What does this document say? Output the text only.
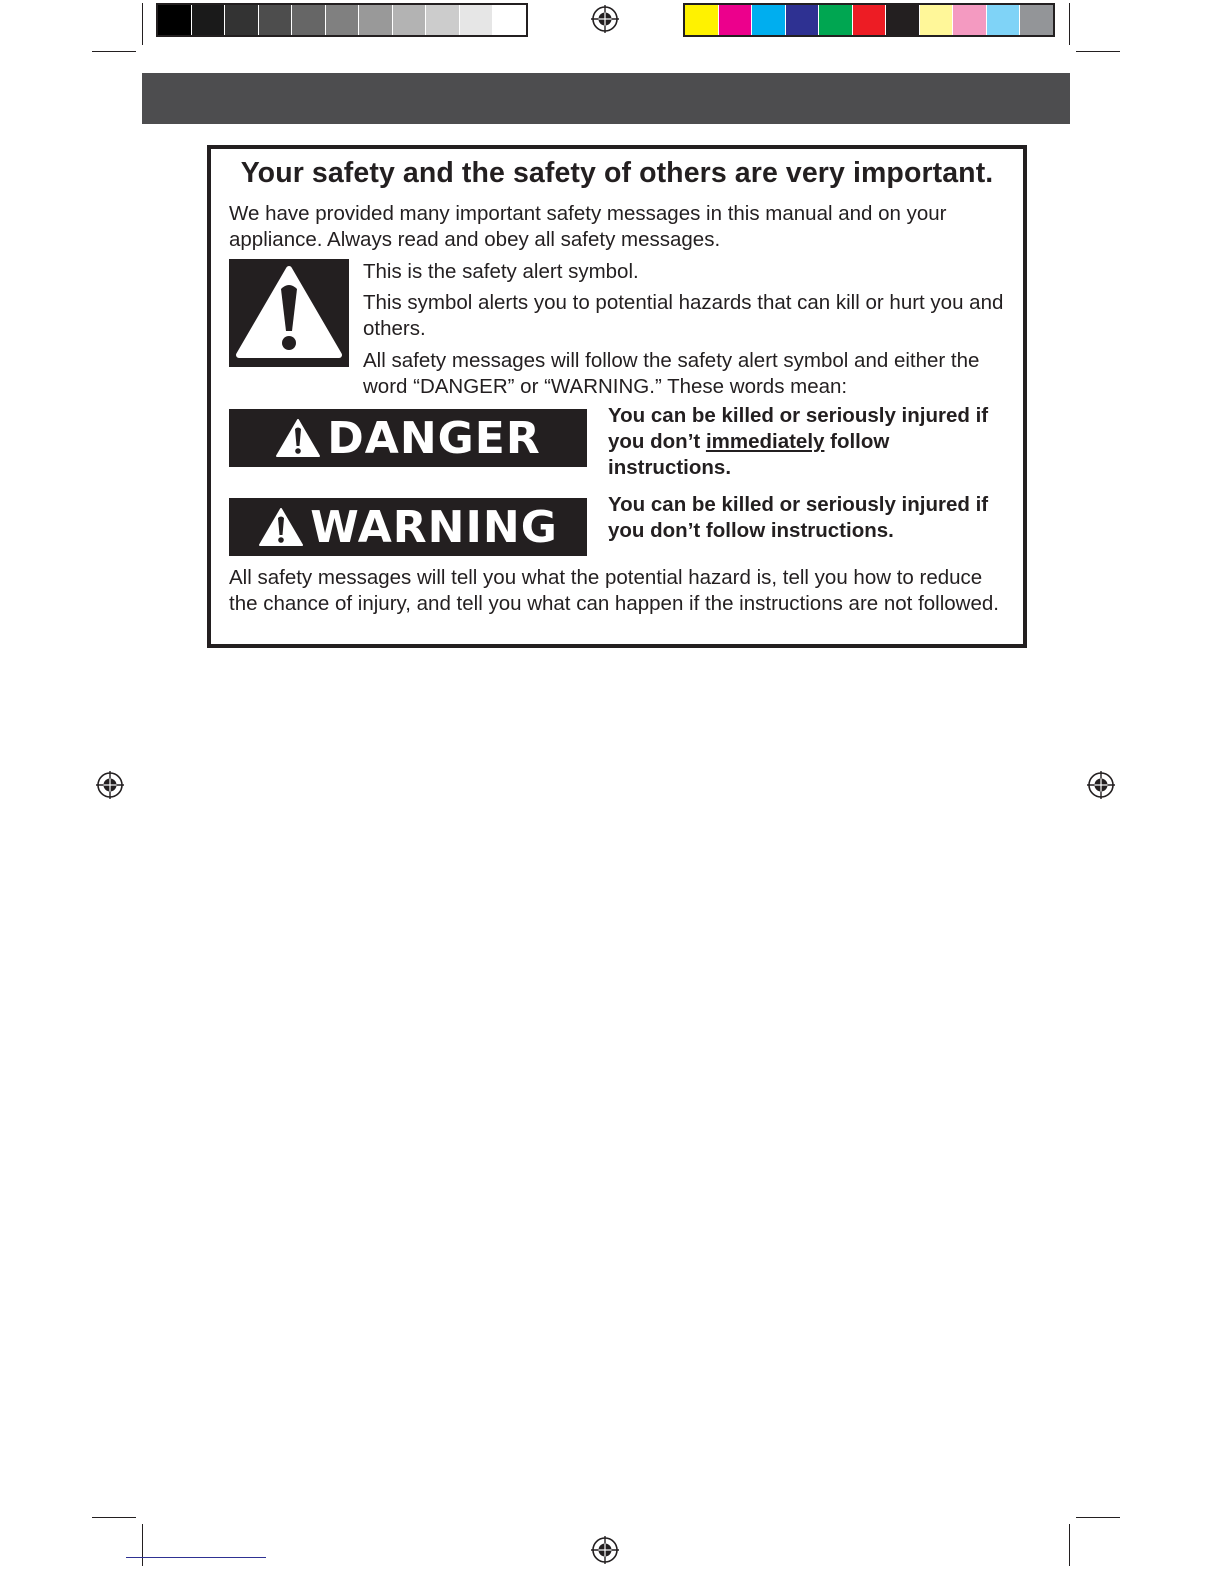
Your safety and the safety of others are very important.
We have provided many important safety messages in this manual and on your appliance. Always read and obey all safety messages.
This is the safety alert symbol.
This symbol alerts you to potential hazards that can kill or hurt you and others.
All safety messages will follow the safety alert symbol and either the word “DANGER” or “WARNING.” These words mean:
DANGER	You can be killed or seriously injured if you don’t immediately follow instructions.
WARNING You can be killed or seriously injured if you don’t follow instructions.
All safety messages will tell you what the potential hazard is, tell you how to reduce the chance of injury, and tell you what can happen if the instructions are not followed.
